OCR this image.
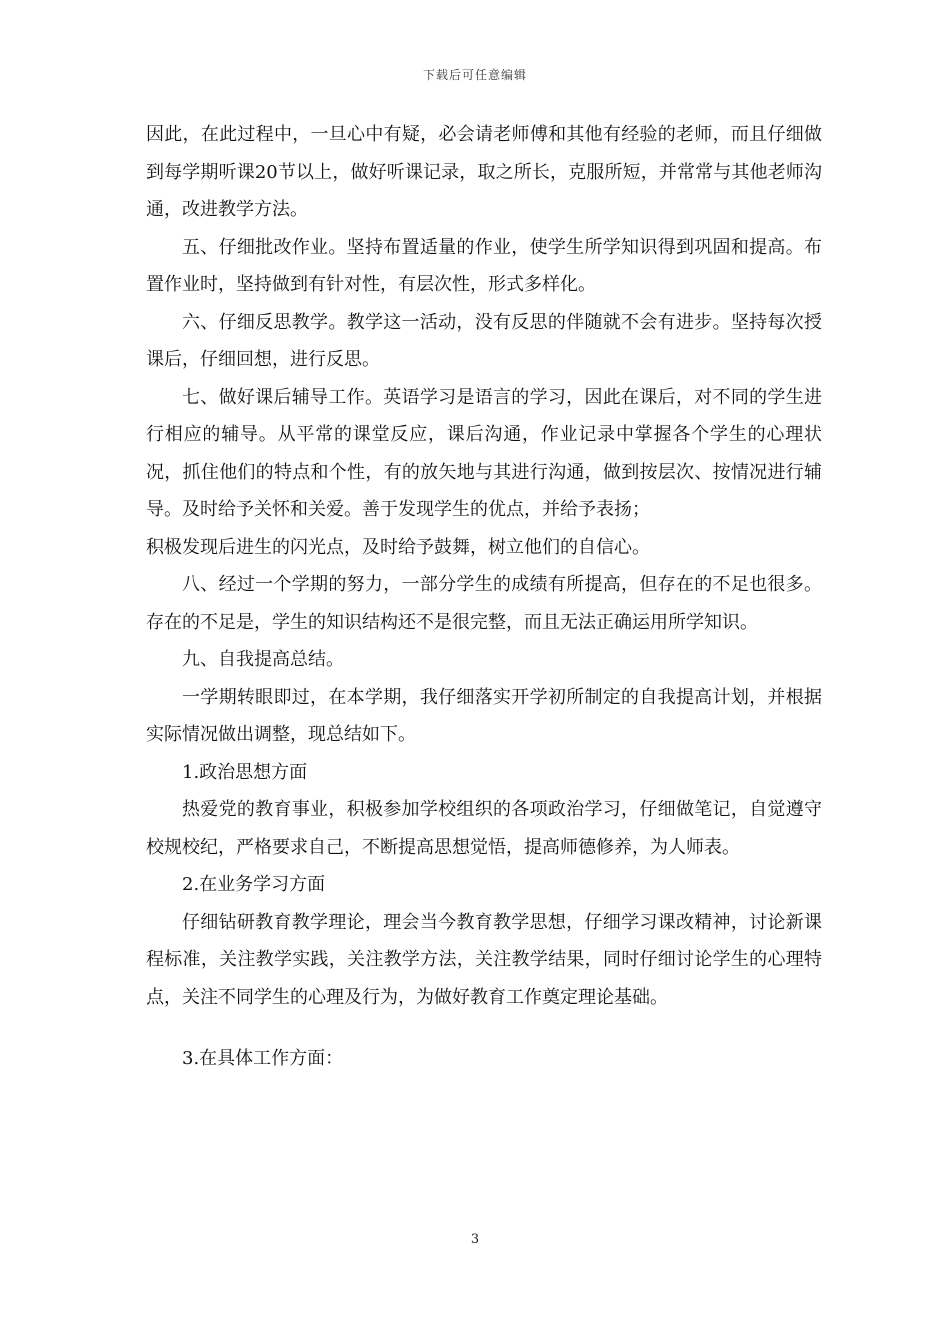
下载后可任意编辑

因此，在此过程中，一旦心中有疑，必会请老师傅和其他有经验的老师，而且仔细做到每学期听课20节以上，做好听课记录，取之所长，克服所短，并常常与其他老师沟通，改进教学方法。

五、仔细批改作业。坚持布置适量的作业，使学生所学知识得到巩固和提高。布置作业时，坚持做到有针对性，有层次性，形式多样化。

六、仔细反思教学。教学这一活动，没有反思的伴随就不会有进步。坚持每次授课后，仔细回想，进行反思。

七、做好课后辅导工作。英语学习是语言的学习，因此在课后，对不同的学生进行相应的辅导。从平常的课堂反应，课后沟通，作业记录中掌握各个学生的心理状况，抓住他们的特点和个性，有的放矢地与其进行沟通，做到按层次、按情况进行辅导。及时给予关怀和关爱。善于发现学生的优点，并给予表扬；

积极发现后进生的闪光点，及时给予鼓舞，树立他们的自信心。

八、经过一个学期的努力，一部分学生的成绩有所提高，但存在的不足也很多。存在的不足是，学生的知识结构还不是很完整，而且无法正确运用所学知识。

九、自我提高总结。

一学期转眼即过，在本学期，我仔细落实开学初所制定的自我提高计划，并根据实际情况做出调整，现总结如下。

1.政治思想方面

热爱党的教育事业，积极参加学校组织的各项政治学习，仔细做笔记，自觉遵守校规校纪，严格要求自己，不断提高思想觉悟，提高师德修养，为人师表。

2.在业务学习方面

仔细钻研教育教学理论，理会当今教育教学思想，仔细学习课改精神，讨论新课程标准，关注教学实践，关注教学方法，关注教学结果，同时仔细讨论学生的心理特点，关注不同学生的心理及行为，为做好教育工作奠定理论基础。

3.在具体工作方面：

3
